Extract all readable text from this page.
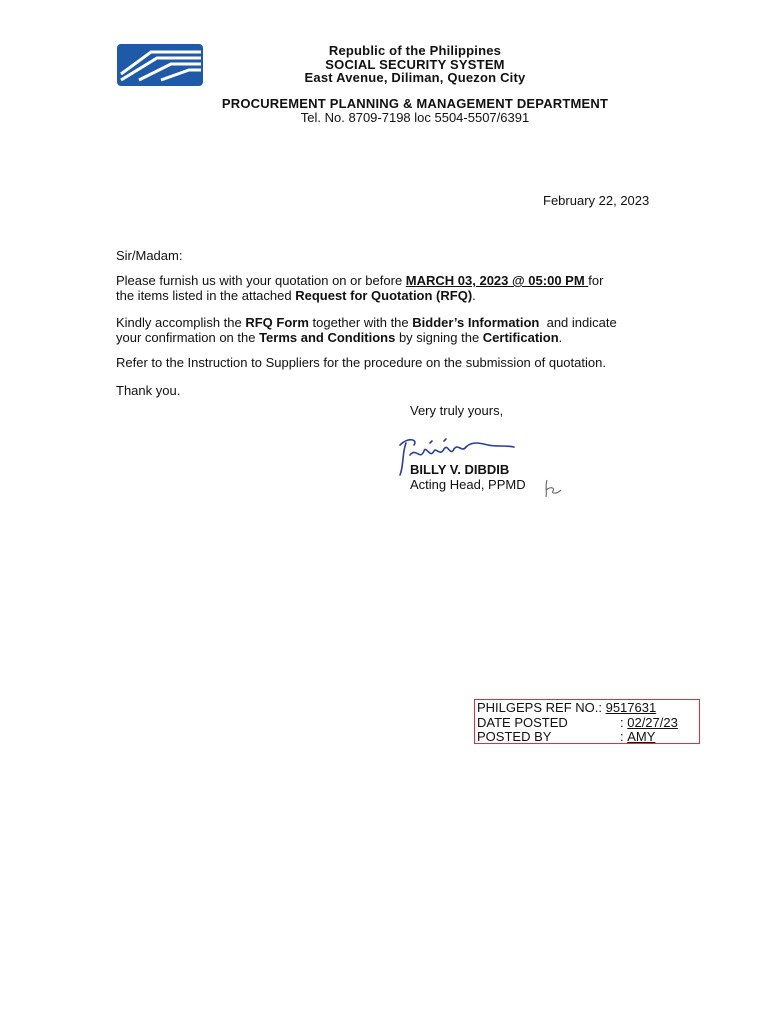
Republic of the Philippines
SOCIAL SECURITY SYSTEM
East Avenue, Diliman, Quezon City
PROCUREMENT PLANNING & MANAGEMENT DEPARTMENT
Tel. No. 8709-7198 loc 5504-5507/6391
February 22, 2023
Sir/Madam:
Please furnish us with your quotation on or before MARCH 03, 2023 @ 05:00 PM for
the items listed in the attached Request for Quotation (RFQ).
Kindly accomplish the RFQ Form together with the Bidder’s Information  and indicate
your confirmation on the Terms and Conditions by signing the Certification.
Refer to the Instruction to Suppliers for the procedure on the submission of quotation.
Thank you.
Very truly yours,
BILLY V. DIBDIB
Acting Head, PPMD
PHILGEPS REF NO.: 9517631
DATE POSTED	: 02/27/23
POSTED BY	: AMY
